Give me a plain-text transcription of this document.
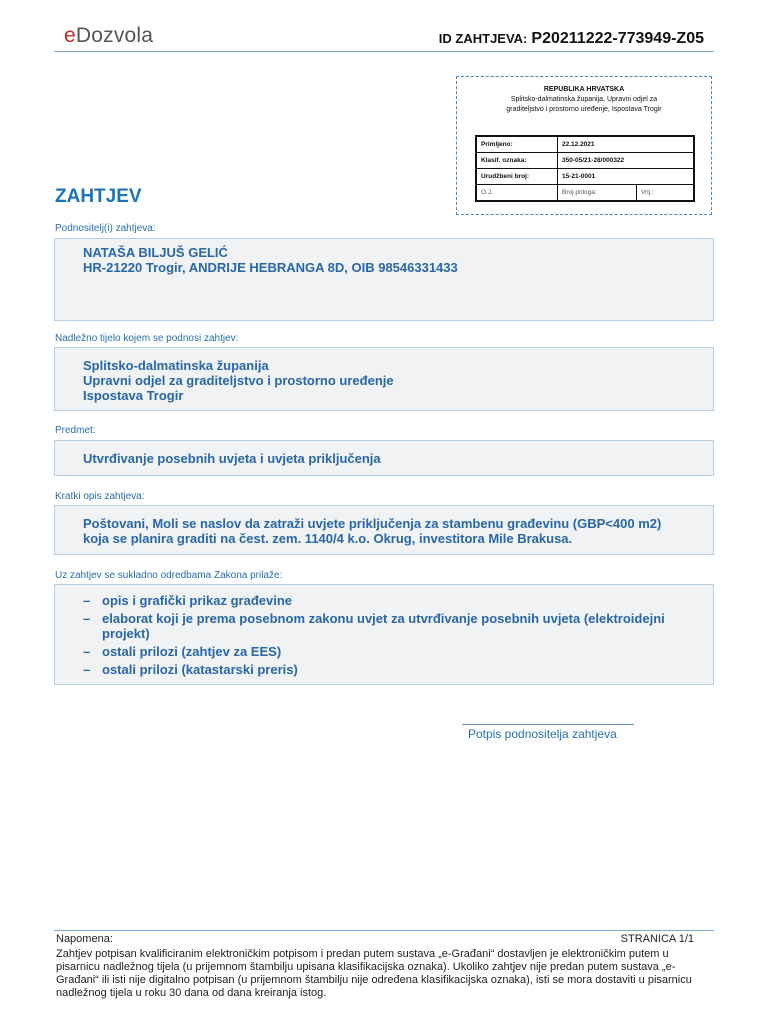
eDozvola	ID ZAHTJEVA: P20211222-773949-Z05
REPUBLIKA HRVATSKA
Splitsko-dalmatinska županija, Upravni odjel za
graditeljstvo i prostorno uređenje, Ispostava Trogir
Primljeno:	22.12.2021	
Klasif. oznaka:	350-05/21-28/000322	
Urudžbeni broj:	15-21-0001	
O.J.	Broj priloga:	Vrij.:
ZAHTJEV
Podnositelj(i) zahtjeva:
NATAŠA BILJUŠ GELIĆ
HR-21220 Trogir, ANDRIJE HEBRANGA 8D, OIB 98546331433
Nadležno tijelo kojem se podnosi zahtjev:
Splitsko-dalmatinska županija
Upravni odjel za graditeljstvo i prostorno uređenje
Ispostava Trogir
Predmet:
Utvrđivanje posebnih uvjeta i uvjeta priključenja
Kratki opis zahtjeva:
Poštovani, Moli se naslov da zatraži uvjete priključenja za stambenu građevinu (GBP<400 m2)
koja se planira graditi na čest. zem. 1140/4 k.o. Okrug, investitora Mile Brakusa.
Uz zahtjev se sukladno odredbama Zakona prilaže:
– opis i grafički prikaz građevine
– elaborat koji je prema posebnom zakonu uvjet za utvrđivanje posebnih uvjeta (elektroidejni projekt)
– ostali prilozi (zahtjev za EES)
– ostali prilozi (katastarski preris)
Potpis podnositelja zahtjeva
Napomena:	STRANICA 1/1
Zahtjev potpisan kvalificiranim elektroničkim potpisom i predan putem sustava „e-Građani“ dostavljen je elektroničkim putem u pisarnicu nadležnog tijela (u prijemnom štambilju upisana klasifikacijska oznaka). Ukoliko zahtjev nije predan putem sustava „e-Građani“ ili isti nije digitalno potpisan (u prijemnom štambilju nije određena klasifikacijska oznaka), isti se mora dostaviti u pisarnicu nadležnog tijela u roku 30 dana od dana kreiranja istog.
